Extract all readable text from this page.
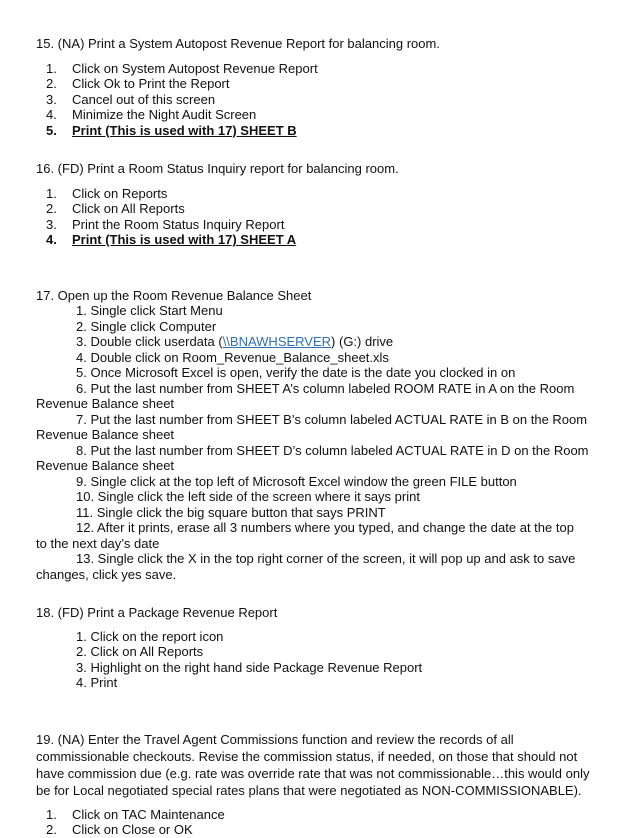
15. (NA) Print a System Autopost Revenue Report for balancing room.
1.	Click on System Autopost Revenue Report
2.	Click Ok to Print the Report
3.	Cancel out of this screen
4.	Minimize the Night Audit Screen
5.	Print (This is used with 17) SHEET B
16. (FD) Print a Room Status Inquiry report for balancing room.
1.	Click on Reports
2.	Click on All Reports
3.	Print the Room Status Inquiry Report
4.	Print (This is used with 17) SHEET A
17. Open up the Room Revenue Balance Sheet
1. Single click Start Menu
2. Single click Computer
3. Double click userdata (\\BNAWHSERVER) (G:) drive
4. Double click on Room_Revenue_Balance_sheet.xls
5. Once Microsoft Excel is open, verify the date is the date you clocked in on
6. Put the last number from SHEET A’s column labeled ROOM RATE in A on the Room
Revenue Balance sheet
7. Put the last number from SHEET B’s column labeled ACTUAL RATE in B on the Room
Revenue Balance sheet
8. Put the last number from SHEET D’s column labeled ACTUAL RATE in D on the Room
Revenue Balance sheet
9. Single click at the top left of Microsoft Excel window the green FILE button
10. Single click the left side of the screen where it says print
11. Single click the big square button that says PRINT
12. After it prints, erase all 3 numbers where you typed, and change the date at the top
to the next day’s date
13. Single click the X in the top right corner of the screen, it will pop up and ask to save
changes, click yes save.
18. (FD) Print a Package Revenue Report
1. Click on the report icon
2. Click on All Reports
3. Highlight on the right hand side Package Revenue Report
4. Print
19. (NA) Enter the Travel Agent Commissions function and review the records of all
commissionable checkouts. Revise the commission status, if needed, on those that should not
have commission due (e.g. rate was override rate that was not commissionable…this would only
be for Local negotiated special rates plans that were negotiated as NON-COMMISSIONABLE).
1.	Click on TAC Maintenance
2.	Click on Close or OK
